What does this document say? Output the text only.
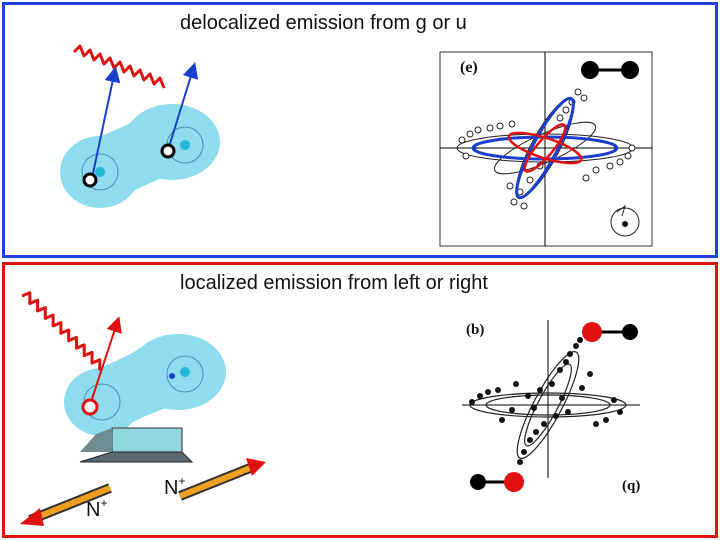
(e)
N+
N+
(b)
(q)
delocalized emission from g or u
localized emission from left or right
